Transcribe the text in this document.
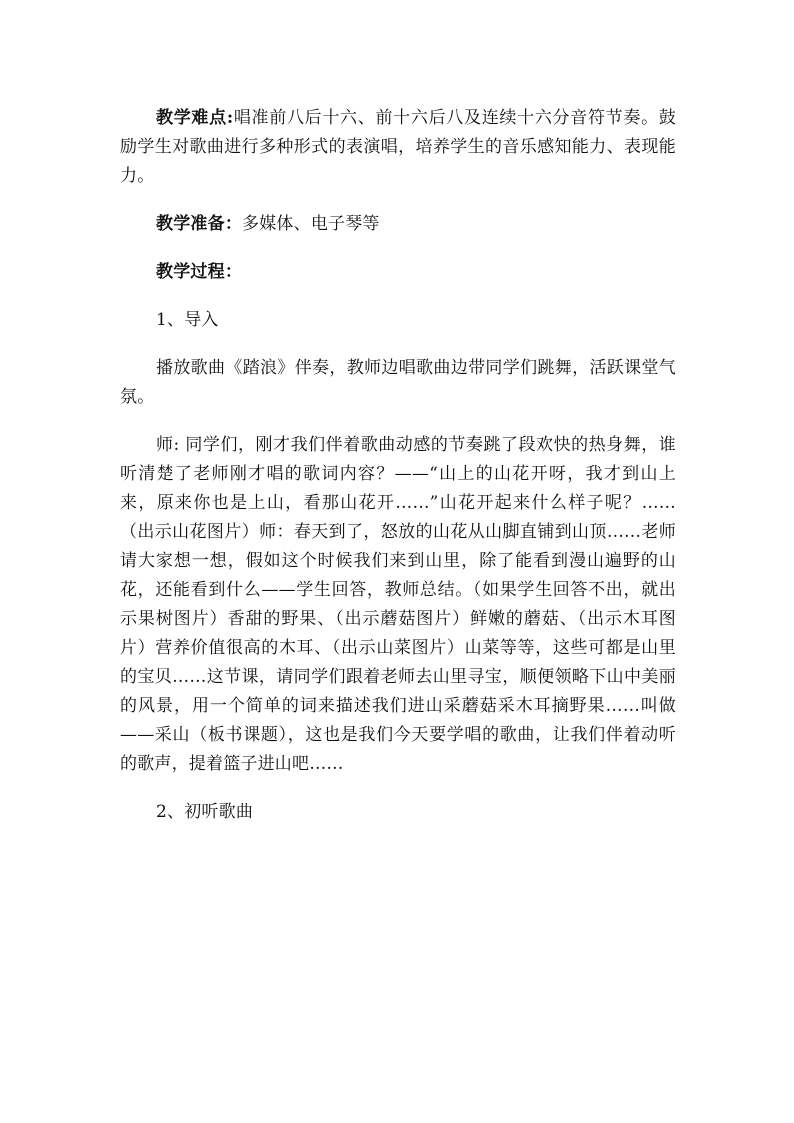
教学难点:唱准前八后十六、前十六后八及连续十六分音符节奏。鼓励学生对歌曲进行多种形式的表演唱，培养学生的音乐感知能力、表现能力。

教学准备：多媒体、电子琴等

教学过程：

1、导入

播放歌曲《踏浪》伴奏，教师边唱歌曲边带同学们跳舞，活跃课堂气氛。

师: 同学们，刚才我们伴着歌曲动感的节奏跳了段欢快的热身舞，谁听清楚了老师刚才唱的歌词内容？——“山上的山花开呀，我才到山上来，原来你也是上山，看那山花开……”山花开起来什么样子呢？……（出示山花图片）师：春天到了，怒放的山花从山脚直铺到山顶……老师请大家想一想，假如这个时候我们来到山里，除了能看到漫山遍野的山花，还能看到什么——学生回答，教师总结。（如果学生回答不出，就出示果树图片）香甜的野果、（出示蘑菇图片）鲜嫩的蘑菇、（出示木耳图片）营养价值很高的木耳、（出示山菜图片）山菜等等，这些可都是山里的宝贝……这节课，请同学们跟着老师去山里寻宝，顺便领略下山中美丽的风景，用一个简单的词来描述我们进山采蘑菇采木耳摘野果……叫做——采山（板书课题），这也是我们今天要学唱的歌曲，让我们伴着动听的歌声，提着篮子进山吧……

2、初听歌曲
